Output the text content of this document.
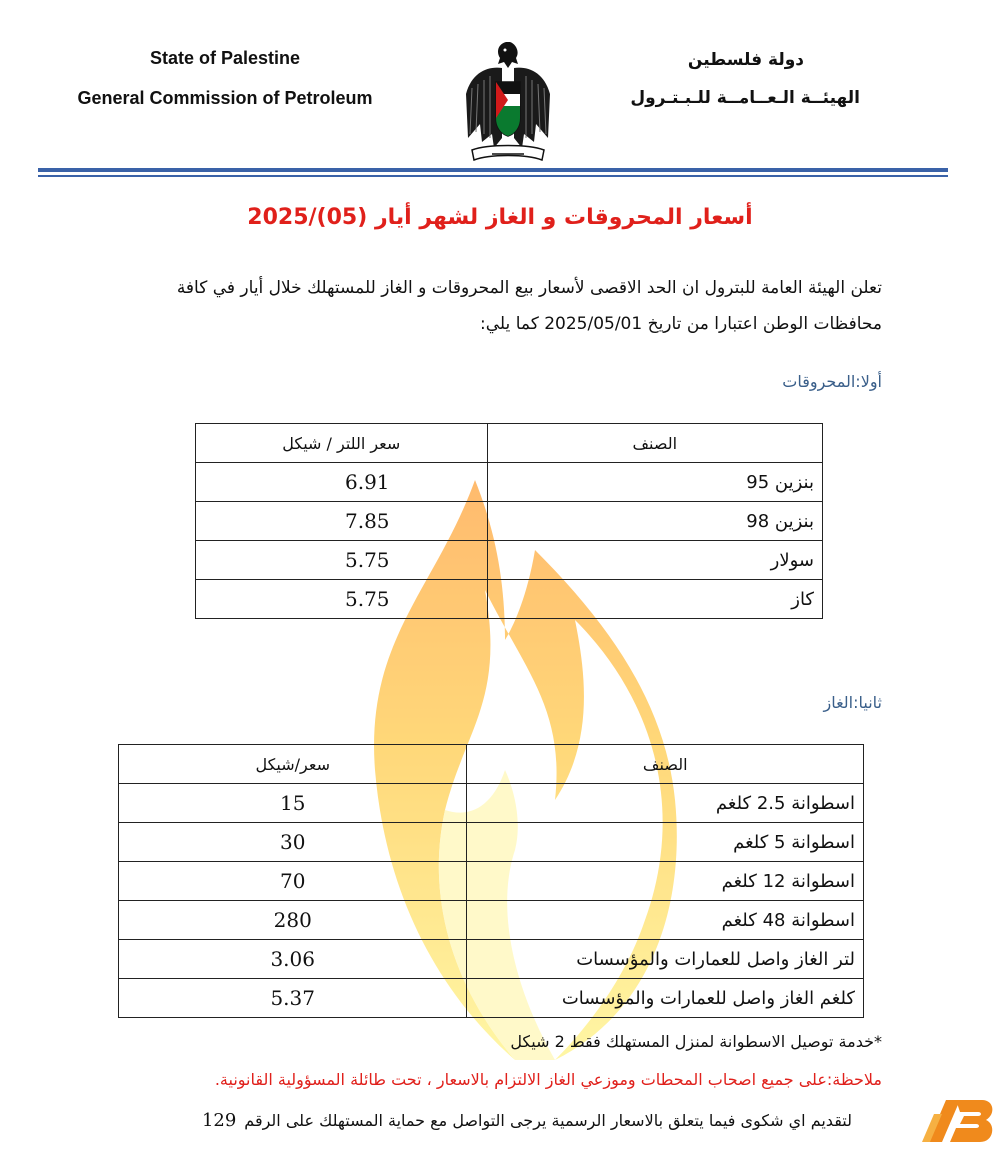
State of Palestine
General Commission of Petroleum
دولة فلسطين
الهيئــة الـعــامــة للـبـتـرول
أسعار المحروقات و الغاز لشهر أيار (05)/2025
تعلن الهيئة العامة للبترول ان الحد الاقصى لأسعار بيع المحروقات و الغاز للمستهلك خلال أيار في كافة محافظات الوطن اعتبارا من تاريخ 2025/05/01 كما يلي:
أولا:المحروقات
الصنف	سعر اللتر / شيكل
بنزين 95	6.91
بنزين 98	7.85
سولار	5.75
كاز	5.75
ثانيا:الغاز
الصنف	سعر/شيكل
اسطوانة 2.5 كلغم	15
اسطوانة 5 كلغم	30
اسطوانة 12 كلغم	70
اسطوانة 48 كلغم	280
لتر الغاز واصل للعمارات والمؤسسات	3.06
كلغم الغاز واصل للعمارات والمؤسسات	5.37
*خدمة توصيل الاسطوانة لمنزل المستهلك فقط 2 شيكل
ملاحظة:على جميع اصحاب المحطات وموزعي الغاز الالتزام بالاسعار ، تحت طائلة المسؤولية القانونية.
لتقديم اي شكوى فيما يتعلق بالاسعار الرسمية يرجى التواصل مع حماية المستهلك على الرقم129
